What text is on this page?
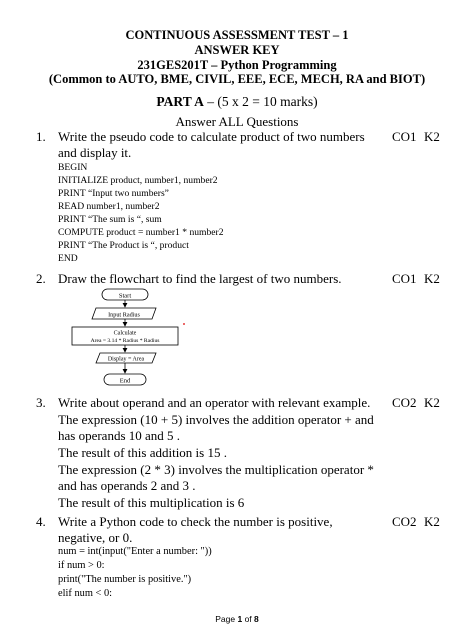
CONTINUOUS ASSESSMENT TEST – 1
ANSWER KEY
231GES201T – Python Programming
(Common to AUTO, BME, CIVIL, EEE, ECE, MECH, RA and BIOT)
PART A – (5 x 2 = 10 marks)
Answer ALL Questions
1. Write the pseudo code to calculate product of two numbers and display it.
CO1 K2
BEGIN
INITIALIZE product, number1, number2
PRINT “Input two numbers”
READ number1, number2
PRINT “The sum is “, sum
COMPUTE product = number1 * number2
PRINT “The Product is “, product
END
2. Draw the flowchart to find the largest of two numbers.	CO1 K2
Start
Input Radius
Calculate
Area = 3.14 * Radius * Radius
Display = Area
End
3. Write about operand and an operator with relevant example.	CO2 K2
The expression (10 + 5) involves the addition operator + and has operands 10 and 5 .
The result of this addition is 15 .
The expression (2 * 3) involves the multiplication operator * and has operands 2 and 3 .
The result of this multiplication is 6
4. Write a Python code to check the number is positive, negative, or 0.
CO2 K2
num = int(input("Enter a number: "))
if num > 0:
print("The number is positive.")
elif num < 0:
Page 1 of 8
